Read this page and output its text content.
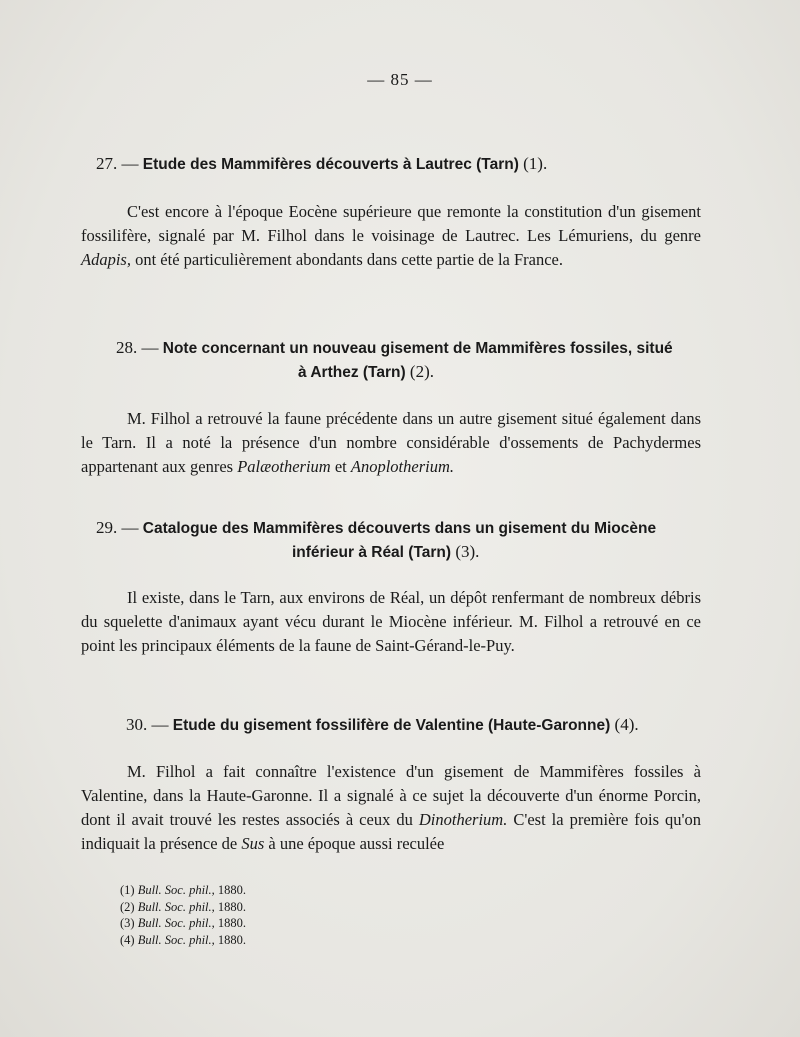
— 85 —
27. — Etude des Mammifères découverts à Lautrec (Tarn) (1).
C'est encore à l'époque Eocène supérieure que remonte la constitution d'un gisement fossilifère, signalé par M. Filhol dans le voisinage de Lautrec. Les Lémuriens, du genre Adapis, ont été particulièrement abondants dans cette partie de la France.
28. — Note concernant un nouveau gisement de Mammifères fossiles, situé
à Arthez (Tarn) (2).
M. Filhol a retrouvé la faune précédente dans un autre gisement situé également dans le Tarn. Il a noté la présence d'un nombre considérable d'ossements de Pachydermes appartenant aux genres Palæotherium et Anoplotherium.
29. — Catalogue des Mammifères découverts dans un gisement du Miocène
inférieur à Réal (Tarn) (3).
Il existe, dans le Tarn, aux environs de Réal, un dépôt renfermant de nombreux débris du squelette d'animaux ayant vécu durant le Miocène inférieur. M. Filhol a retrouvé en ce point les principaux éléments de la faune de Saint-Gérand-le-Puy.
30. — Etude du gisement fossilifère de Valentine (Haute-Garonne) (4).
M. Filhol a fait connaître l'existence d'un gisement de Mammifères fossiles à Valentine, dans la Haute-Garonne. Il a signalé à ce sujet la découverte d'un énorme Porcin, dont il avait trouvé les restes associés à ceux du Dinotherium. C'est la première fois qu'on indiquait la présence de Sus à une époque aussi reculée
(1) Bull. Soc. phil., 1880.
(2) Bull. Soc. phil., 1880.
(3) Bull. Soc. phil., 1880.
(4) Bull. Soc. phil., 1880.
